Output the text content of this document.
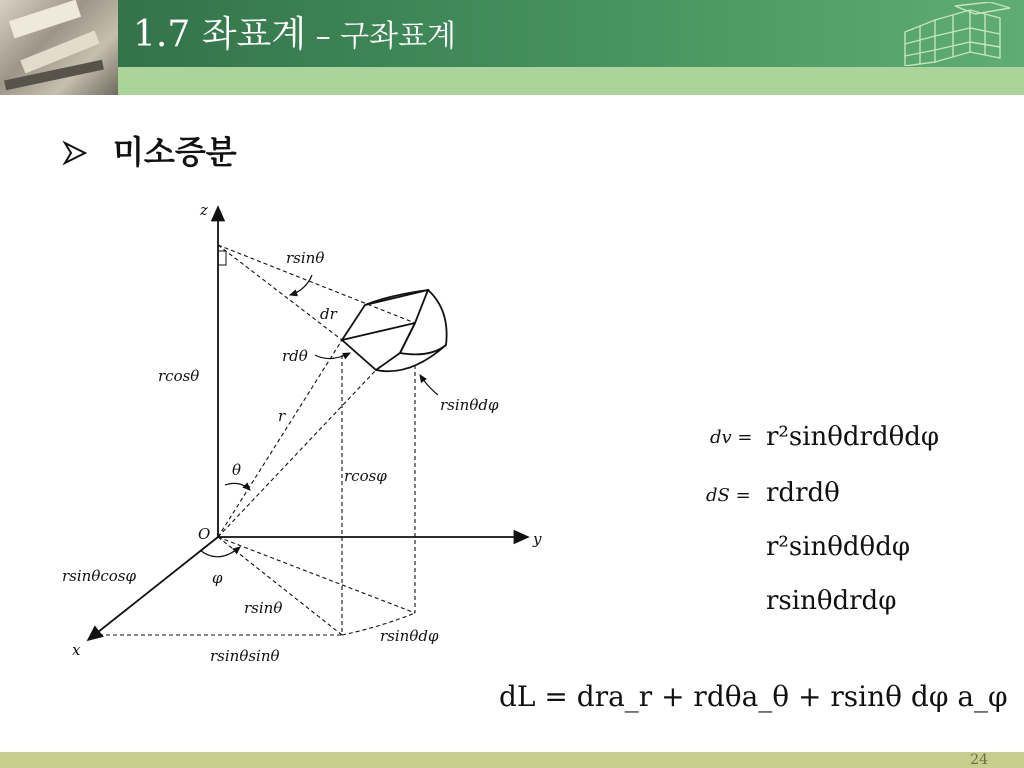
1.7 좌표계 – 구좌표계
미소증분
z
y
x
O
rsinθ
dr
rdθ
rcosθ
rsinθdφ
r
θ	rcosφ
rsinθcosφ	φ
rsinθ
rsinθdφ
rsinθsinθ
dv = r²sinθdrdθdφ
dS = rdrdθ
r²sinθdθdφ
rsinθdrdφ
dL = dra_r + rdθa_θ + rsinθ dφ a_φ
24
